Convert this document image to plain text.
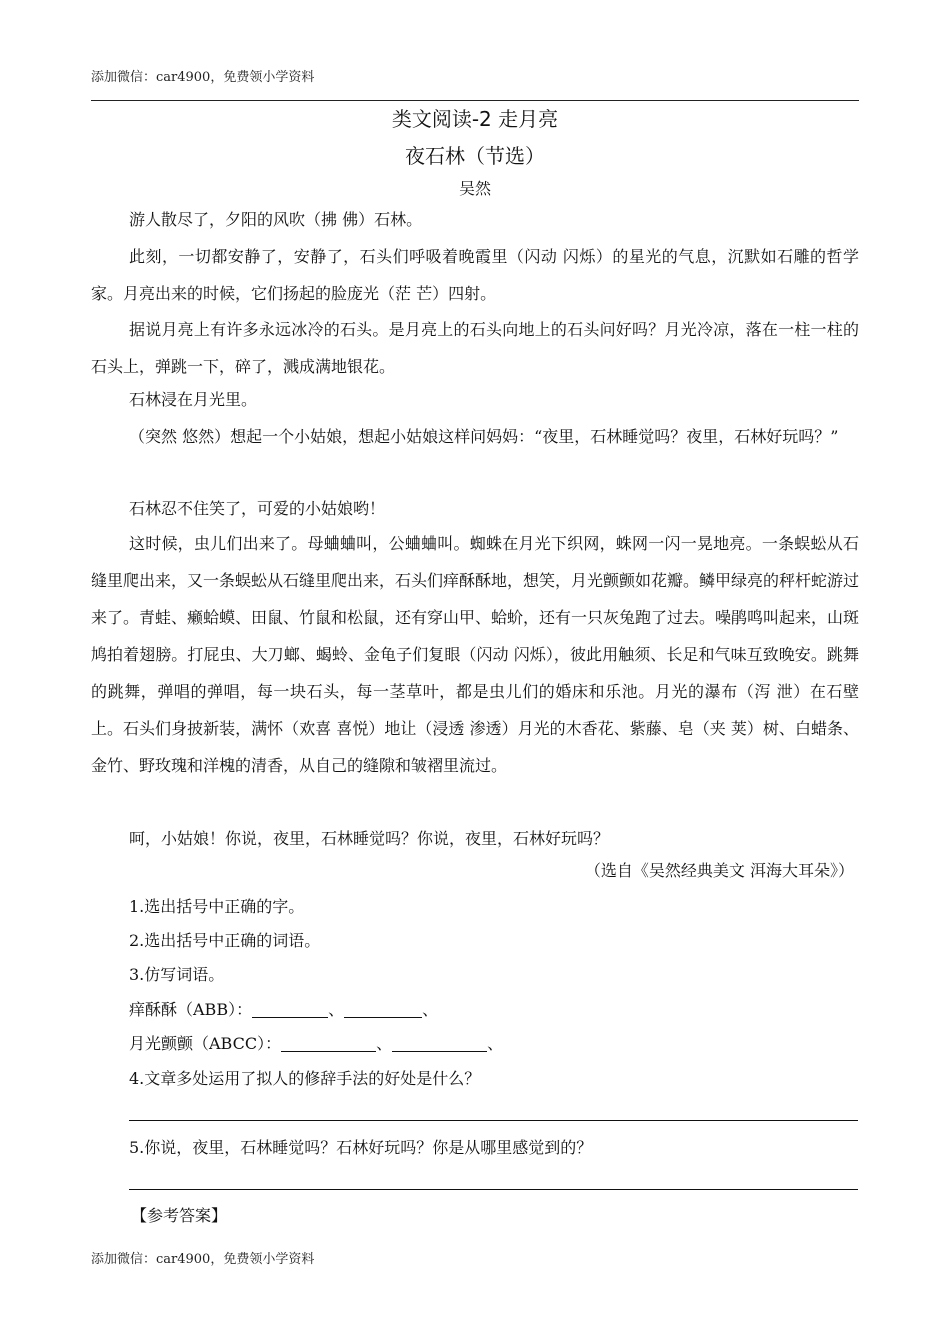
添加微信：car4900，免费领小学资料
类文阅读-2 走月亮
夜石林（节选）
吴然
游人散尽了，夕阳的风吹（拂 佛）石林。
此刻，一切都安静了，安静了，石头们呼吸着晚霞里（闪动 闪烁）的星光的气息，沉默如石雕的哲学家。月亮出来的时候，它们扬起的脸庞光（茫 芒）四射。
据说月亮上有许多永远冰冷的石头。是月亮上的石头向地上的石头问好吗？月光冷凉，落在一柱一柱的石头上，弹跳一下，碎了，溅成满地银花。
石林浸在月光里。
（突然 悠然）想起一个小姑娘，想起小姑娘这样问妈妈：“夜里，石林睡觉吗？夜里，石林好玩吗？”
石林忍不住笑了，可爱的小姑娘哟！
这时候，虫儿们出来了。母蛐蛐叫，公蛐蛐叫。蜘蛛在月光下织网，蛛网一闪一晃地亮。一条蜈蚣从石缝里爬出来，又一条蜈蚣从石缝里爬出来，石头们痒酥酥地，想笑，月光颤颤如花瓣。鳞甲绿亮的秤杆蛇游过来了。青蛙、癞蛤蟆、田鼠、竹鼠和松鼠，还有穿山甲、蛤蚧，还有一只灰兔跑了过去。噪鹃鸣叫起来，山斑鸠拍着翅膀。打屁虫、大刀螂、蝎蛉、金龟子们复眼（闪动 闪烁），彼此用触须、长足和气味互致晚安。跳舞的跳舞，弹唱的弹唱，每一块石头，每一茎草叶，都是虫儿们的婚床和乐池。月光的瀑布（泻 泄）在石壁上。石头们身披新装，满怀（欢喜 喜悦）地让（浸透 渗透）月光的木香花、紫藤、皂（夹 荚）树、白蜡条、金竹、野玫瑰和洋槐的清香，从自己的缝隙和皱褶里流过。
呵，小姑娘！你说，夜里，石林睡觉吗？你说，夜里，石林好玩吗？
（选自《吴然经典美文 洱海大耳朵》）
1.选出括号中正确的字。
2.选出括号中正确的词语。
3.仿写词语。
痒酥酥（ABB）：	、	、
月光颤颤（ABCC）：	、	、
4.文章多处运用了拟人的修辞手法的好处是什么？
5.你说，夜里，石林睡觉吗？石林好玩吗？你是从哪里感觉到的？
【参考答案】
添加微信：car4900，免费领小学资料
